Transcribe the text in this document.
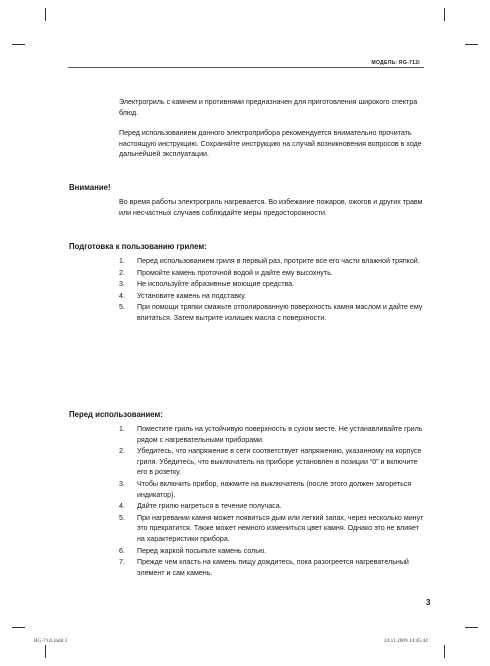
МОДЕЛЬ: RG-712i

Электрогриль с камнем и противнями предназначен для приготовления широкого спектра блюд.

Перед использованием данного электроприбора рекомендуется внимательно прочитать настоящую инструкцию. Сохраняйте инструкцию на случай возникновения вопросов в ходе дальнейшей эксплуатации.

Внимание!

Во время работы электрогриль нагревается. Во избежание пожаров, ожогов и других травм или несчастных случаев соблюдайте меры предосторожности.

Подготовка к пользованию грилем:
1.	Перед использованием гриля в первый раз, протрите все его части влажной тряпкой.
2.	Промойте камень проточной водой и дайте ему высохнуть.
3.	Не используйте абразивные моющие средства.
4.	Установите камень на подставку.
5.	При помощи тряпки смажьте отполированную поверхность камня маслом и дайте ему впитаться. Затем вытрите излишек масла с поверхности.
Перед использованием:
1.	Поместите гриль на устойчивую поверхность в сухом месте. Не устанавливайте гриль рядом с нагревательными приборами.
2.	Убедитесь, что напряжение в сети соответствует напряжению, указанному на корпусе гриля. Убедитесь, что выключатель на приборе установлен в позиции “0” и включите его в розетку.
3.	Чтобы включить прибор, нажмите на выключатель (после этого должен загореться индикатор).
4.	Дайте грилю нагреться в течение получаса.
5.	При нагревании камня может появиться дым или легкий запах, через несколько минут это прекратится. Также может немного измениться цвет камня. Однако это не влияет на характеристики прибора.
6.	Перед жаркой посыпьте камень солью.
7.	Прежде чем класть на камень пищу дождитесь, пока разогреется нагревательный элемент и сам камень.
3
RG-712i.indd 3	24.11.2009 14:45:44
